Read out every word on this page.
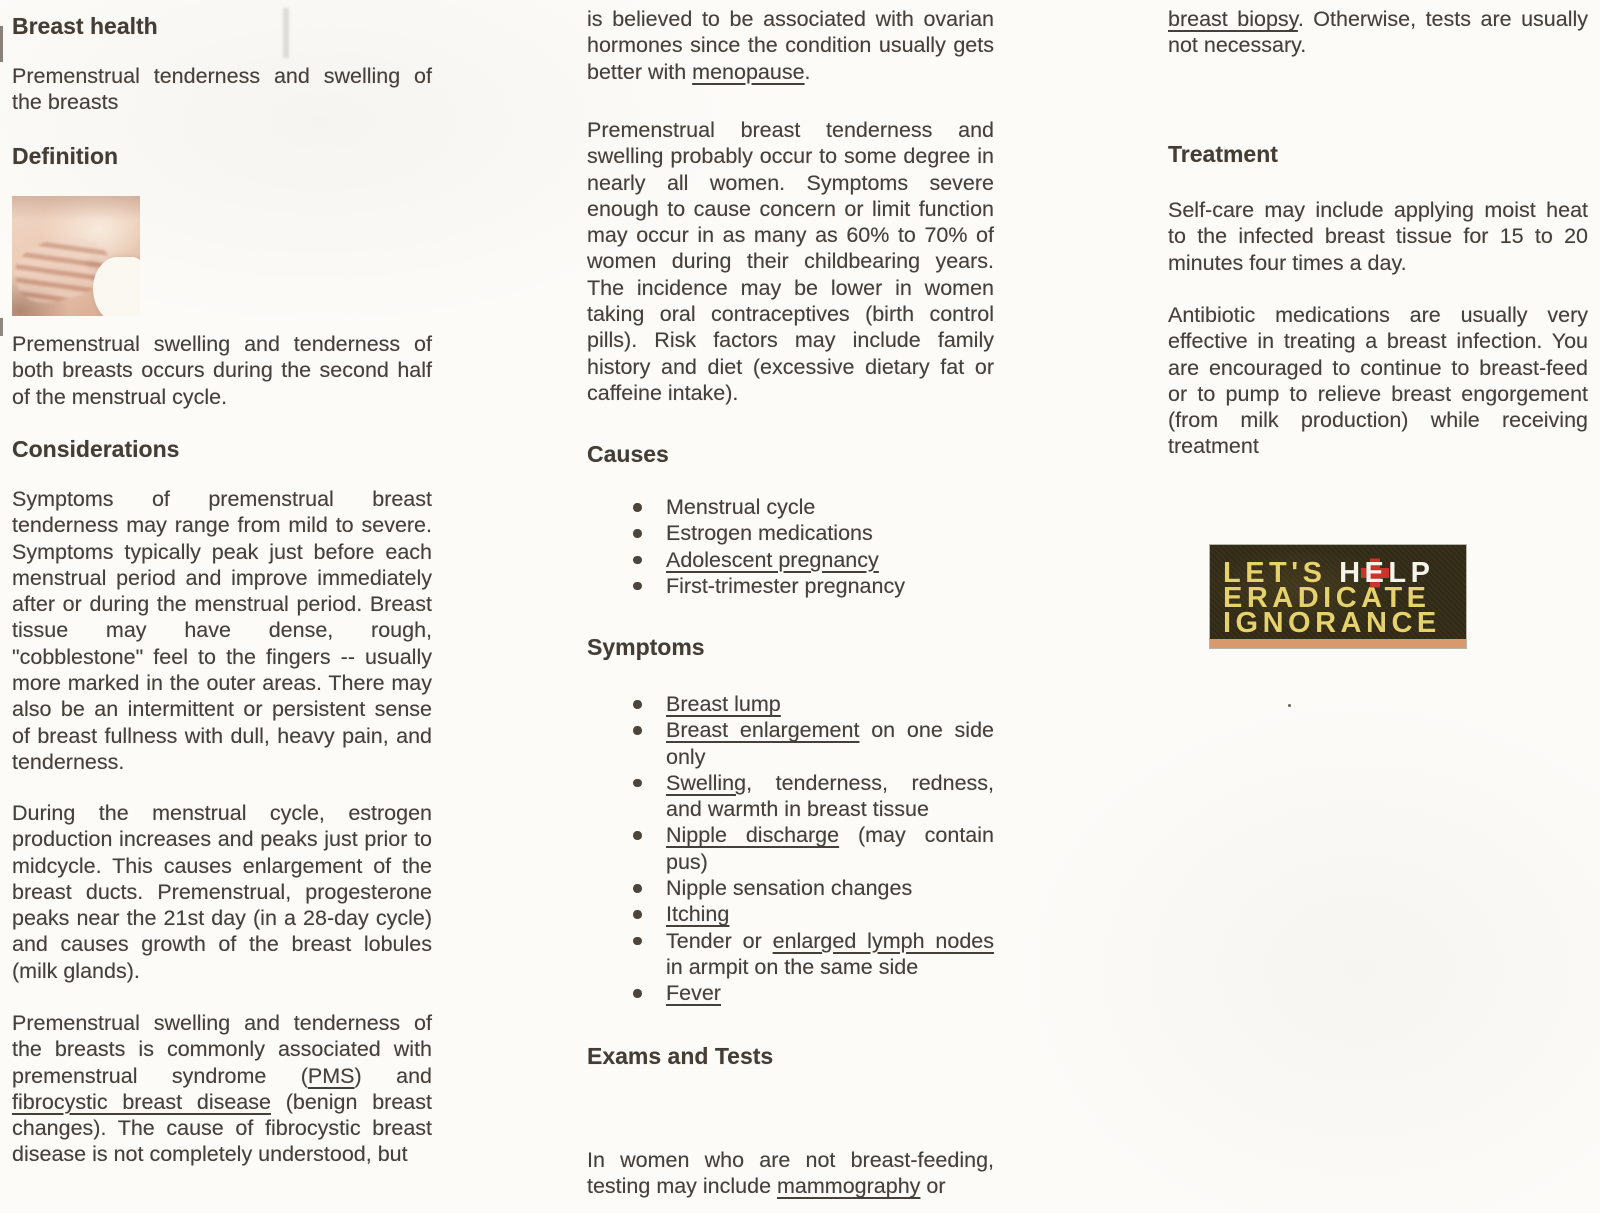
Breast health

Premenstrual tenderness and swelling of the breasts

Definition

Premenstrual swelling and tenderness of both breasts occurs during the second half of the menstrual cycle.

Considerations

Symptoms of premenstrual breast tenderness may range from mild to severe. Symptoms typically peak just before each menstrual period and improve immediately after or during the menstrual period. Breast tissue may have dense, rough, "cobblestone" feel to the fingers -- usually more marked in the outer areas. There may also be an intermittent or persistent sense of breast fullness with dull, heavy pain, and tenderness.

During the menstrual cycle, estrogen production increases and peaks just prior to midcycle. This causes enlargement of the breast ducts. Premenstrual, progesterone peaks near the 21st day (in a 28-day cycle) and causes growth of the breast lobules (milk glands).

Premenstrual swelling and tenderness of the breasts is commonly associated with premenstrual syndrome (PMS) and fibrocystic breast disease (benign breast changes). The cause of fibrocystic breast disease is not completely understood, but

is believed to be associated with ovarian hormones since the condition usually gets better with menopause.

Premenstrual breast tenderness and swelling probably occur to some degree in nearly all women. Symptoms severe enough to cause concern or limit function may occur in as many as 60% to 70% of women during their childbearing years. The incidence may be lower in women taking oral contraceptives (birth control pills). Risk factors may include family history and diet (excessive dietary fat or caffeine intake).

Causes
Menstrual cycle
Estrogen medications
Adolescent pregnancy
First-trimester pregnancy
Symptoms
Breast lump
Breast enlargement on one side only
Swelling, tenderness, redness, and warmth in breast tissue
Nipple discharge (may contain pus)
Nipple sensation changes
Itching
Tender or enlarged lymph nodes in armpit on the same side
Fever
Exams and Tests

In women who are not breast-feeding, testing may include mammography or

breast biopsy. Otherwise, tests are usually not necessary.

Treatment

Self-care may include applying moist heat to the infected breast tissue for 15 to 20 minutes four times a day.

Antibiotic medications are usually very effective in treating a breast infection. You are encouraged to continue to breast-feed or to pump to relieve breast engorgement (from milk production) while receiving treatment

LET'S HELP
ERADICATE
IGNORANCE
